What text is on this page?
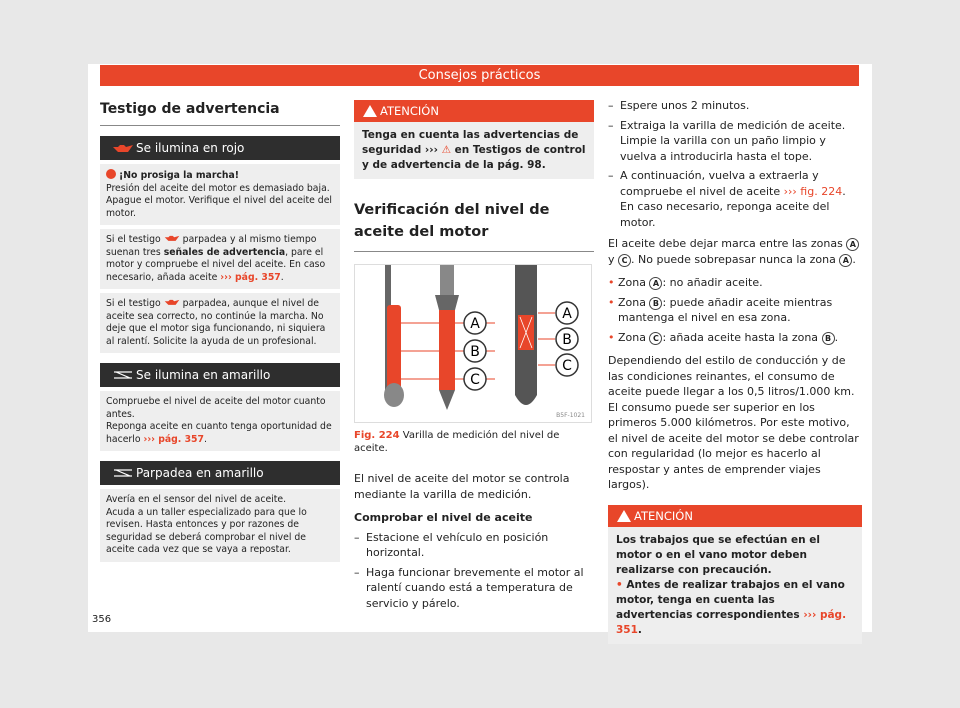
Consejos prácticos
Testigo de advertencia
Se ilumina en rojo
¡No prosiga la marcha!
Presión del aceite del motor es demasiado baja. Apague el motor. Verifique el nivel del aceite del motor.
Si el testigo parpadea y al mismo tiempo suenan tres señales de advertencia, pare el motor y compruebe el nivel del aceite. En caso necesario, añada aceite ››› pág. 357.
Si el testigo parpadea, aunque el nivel de aceite sea correcto, no continúe la marcha. No deje que el motor siga funcionando, ni siquiera al ralentí. Solicite la ayuda de un profesional.
Se ilumina en amarillo
Compruebe el nivel de aceite del motor cuanto antes.
Reponga aceite en cuanto tenga oportunidad de hacerlo ››› pág. 357.
Parpadea en amarillo
Avería en el sensor del nivel de aceite.
Acuda a un taller especializado para que lo revisen. Hasta entonces y por razones de seguridad se deberá comprobar el nivel de aceite cada vez que se vaya a repostar.
ATENCIÓN
Tenga en cuenta las advertencias de seguridad ››› ⚠ en Testigos de control y de advertencia de la pág. 98.
Verificación del nivel de aceite del motor
A
B
C
A
B
C
B5F-1021
Fig. 224 Varilla de medición del nivel de aceite.

El nivel de aceite del motor se controla mediante la varilla de medición.

Comprobar el nivel de aceite

– Estacione el vehículo en posición horizontal.
– Haga funcionar brevemente el motor al ralentí cuando está a temperatura de servicio y párelo.
– Espere unos 2 minutos.
– Extraiga la varilla de medición de aceite. Limpie la varilla con un paño limpio y vuelva a introducirla hasta el tope.
– A continuación, vuelva a extraerla y compruebe el nivel de aceite ››› fig. 224. En caso necesario, reponga aceite del motor.

El aceite debe dejar marca entre las zonas A y C . No puede sobrepasar nunca la zona A .

• Zona A : no añadir aceite.
• Zona B : puede añadir aceite mientras mantenga el nivel en esa zona.
• Zona C : añada aceite hasta la zona B .

Dependiendo del estilo de conducción y de las condiciones reinantes, el consumo de aceite puede llegar a los 0,5 litros/1.000 km. El consumo puede ser superior en los primeros 5.000 kilómetros. Por este motivo, el nivel de aceite del motor se debe controlar con regularidad (lo mejor es hacerlo al respostar y antes de emprender viajes largos).

ATENCIÓN
Los trabajos que se efectúan en el motor o en el vano motor deben realizarse con precaución.
• Antes de realizar trabajos en el vano motor, tenga en cuenta las advertencias correspondientes ››› pág. 351.
356
